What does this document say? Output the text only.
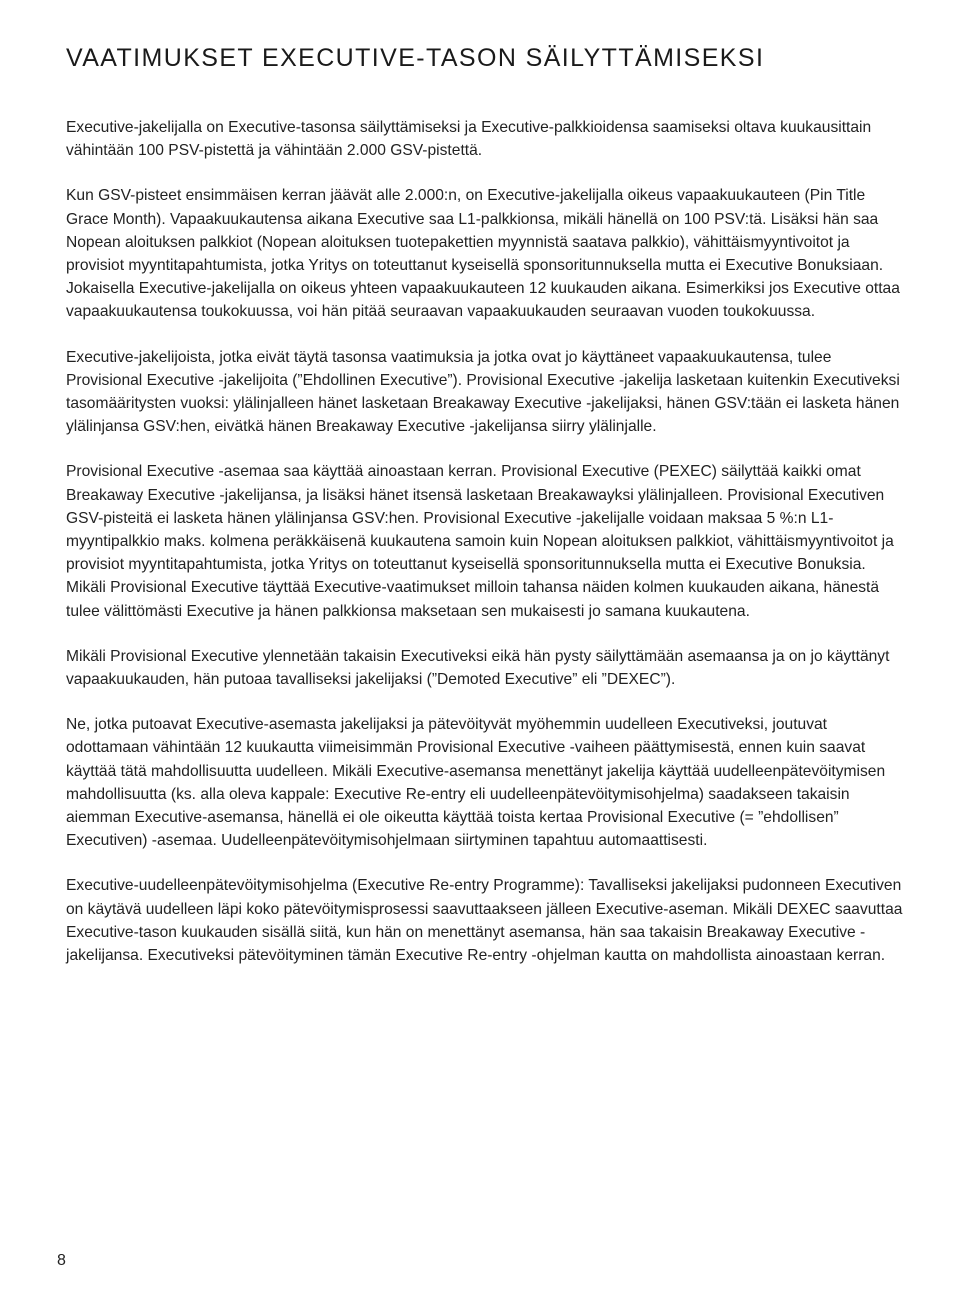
VAATIMUKSET EXECUTIVE-TASON SÄILYTTÄMISEKSI

Executive-jakelijalla on Executive-tasonsa säilyttämiseksi ja Executive-palkkioidensa saamiseksi oltava kuukausittain vähintään 100 PSV-pistettä ja vähintään 2.000 GSV-pistettä.

Kun GSV-pisteet ensimmäisen kerran jäävät alle 2.000:n, on Executive-jakelijalla oikeus vapaakuukauteen (Pin Title Grace Month). Vapaakuukautensa aikana Executive saa L1-palkkionsa, mikäli hänellä on 100 PSV:tä. Lisäksi hän saa Nopean aloituksen palkkiot (Nopean aloituksen tuotepakettien myynnistä saatava palkkio), vähittäismyyntivoitot ja provisiot myyntitapahtumista, jotka Yritys on toteuttanut kyseisellä sponsoritunnuksella mutta ei Executive Bonuksiaan. Jokaisella Executive-jakelijalla on oikeus yhteen vapaakuukauteen 12 kuukauden aikana. Esimerkiksi jos Executive ottaa vapaakuukautensa toukokuussa, voi hän pitää seuraavan vapaakuukauden seuraavan vuoden toukokuussa.

Executive-jakelijoista, jotka eivät täytä tasonsa vaatimuksia ja jotka ovat jo käyttäneet vapaakuukautensa, tulee Provisional Executive -jakelijoita (”Ehdollinen Executive”). Provisional Executive -jakelija lasketaan kuitenkin Executiveksi tasomääritysten vuoksi: ylälinjalleen hänet lasketaan Breakaway Executive -jakelijaksi, hänen GSV:tään ei lasketa hänen ylälinjansa GSV:hen, eivätkä hänen Breakaway Executive -jakelijansa siirry ylälinjalle.

Provisional Executive -asemaa saa käyttää ainoastaan kerran. Provisional Executive (PEXEC) säilyttää kaikki omat Breakaway Executive -jakelijansa, ja lisäksi hänet itsensä lasketaan Breakawayksi ylälinjalleen. Provisional Executiven GSV-pisteitä ei lasketa hänen ylälinjansa GSV:hen. Provisional Executive -jakelijalle voidaan maksaa 5 %:n L1-myyntipalkkio maks. kolmena peräkkäisenä kuukautena samoin kuin Nopean aloituksen palkkiot, vähittäismyyntivoitot ja provisiot myyntitapahtumista, jotka Yritys on toteuttanut kyseisellä sponsoritunnuksella mutta ei Executive Bonuksia. Mikäli Provisional Executive täyttää Executive-vaatimukset milloin tahansa näiden kolmen kuukauden aikana, hänestä tulee välittömästi Executive ja hänen palkkionsa maksetaan sen mukaisesti jo samana kuukautena.

Mikäli Provisional Executive ylennetään takaisin Executiveksi eikä hän pysty säilyttämään asemaansa ja on jo käyttänyt vapaakuukauden, hän putoaa tavalliseksi jakelijaksi (”Demoted Executive” eli ”DEXEC”).

Ne, jotka putoavat Executive-asemasta jakelijaksi ja pätevöityvät myöhemmin uudelleen Executiveksi, joutuvat odottamaan vähintään 12 kuukautta viimeisimmän Provisional Executive -vaiheen päättymisestä, ennen kuin saavat käyttää tätä mahdollisuutta uudelleen. Mikäli Executive-asemansa menettänyt jakelija käyttää uudelleenpätevöitymisen mahdollisuutta (ks. alla oleva kappale: Executive Re-entry eli uudelleenpätevöitymisohjelma) saadakseen takaisin aiemman Executive-asemansa, hänellä ei ole oikeutta käyttää toista kertaa Provisional Executive (= ”ehdollisen” Executiven) -asemaa. Uudelleenpätevöitymisohjelmaan siirtyminen tapahtuu automaattisesti.

Executive-uudelleenpätevöitymisohjelma (Executive Re-entry Programme): Tavalliseksi jakelijaksi pudonneen Executiven on käytävä uudelleen läpi koko pätevöitymisprosessi saavuttaakseen jälleen Executive-aseman. Mikäli DEXEC saavuttaa Executive-tason kuukauden sisällä siitä, kun hän on menettänyt asemansa, hän saa takaisin Breakaway Executive -jakelijansa. Executiveksi pätevöityminen tämän Executive Re-entry -ohjelman kautta on mahdollista ainoastaan kerran.

8
